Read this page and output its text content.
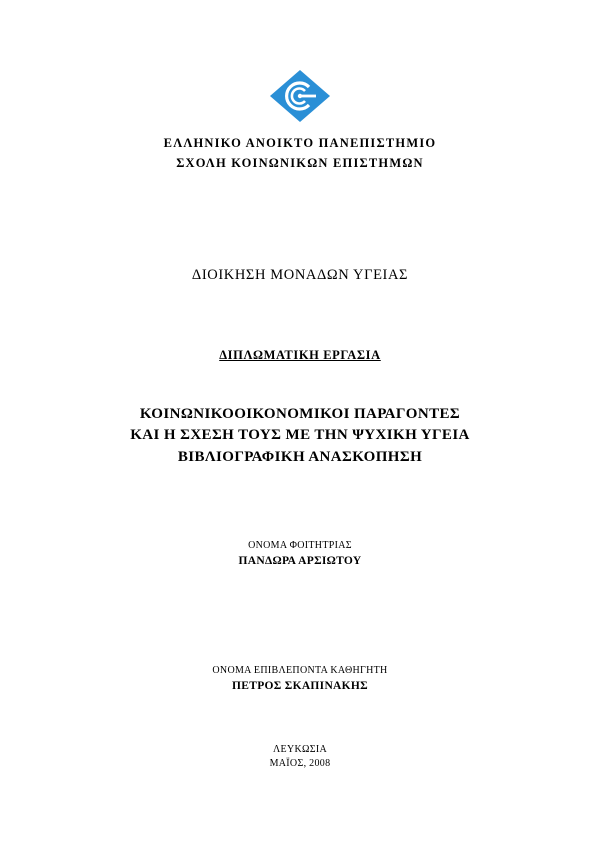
ΕΛΛΗΝΙΚΟ ΑΝΟΙΚΤΟ ΠΑΝΕΠΙΣΤΗΜΙΟ
ΣΧΟΛΗ ΚΟΙΝΩΝΙΚΩΝ ΕΠΙΣΤΗΜΩΝ
ΔΙΟΙΚΗΣΗ ΜΟΝΑΔΩΝ ΥΓΕΙΑΣ
ΔΙΠΛΩΜΑΤΙΚΗ ΕΡΓΑΣΙΑ
ΚΟΙΝΩΝΙΚΟΟΙΚΟΝΟΜΙΚΟΙ ΠΑΡΑΓΟΝΤΕΣ
ΚΑΙ Η ΣΧΕΣΗ ΤΟΥΣ ΜΕ ΤΗΝ ΨΥΧΙΚΗ ΥΓΕΙΑ
ΒΙΒΛΙΟΓΡΑΦΙΚΗ ΑΝΑΣΚΟΠΗΣΗ
ΟΝΟΜΑ ΦΟΙΤΗΤΡΙΑΣ
ΠΑΝΔΩΡΑ ΑΡΣΙΩΤΟΥ
ΟΝΟΜΑ ΕΠΙΒΛΕΠΟΝΤΑ ΚΑΘΗΓΗΤΗ
ΠΕΤΡΟΣ ΣΚΑΠΙΝΑΚΗΣ
ΛΕΥΚΩΣΙΑ
ΜΑΪΟΣ, 2008
